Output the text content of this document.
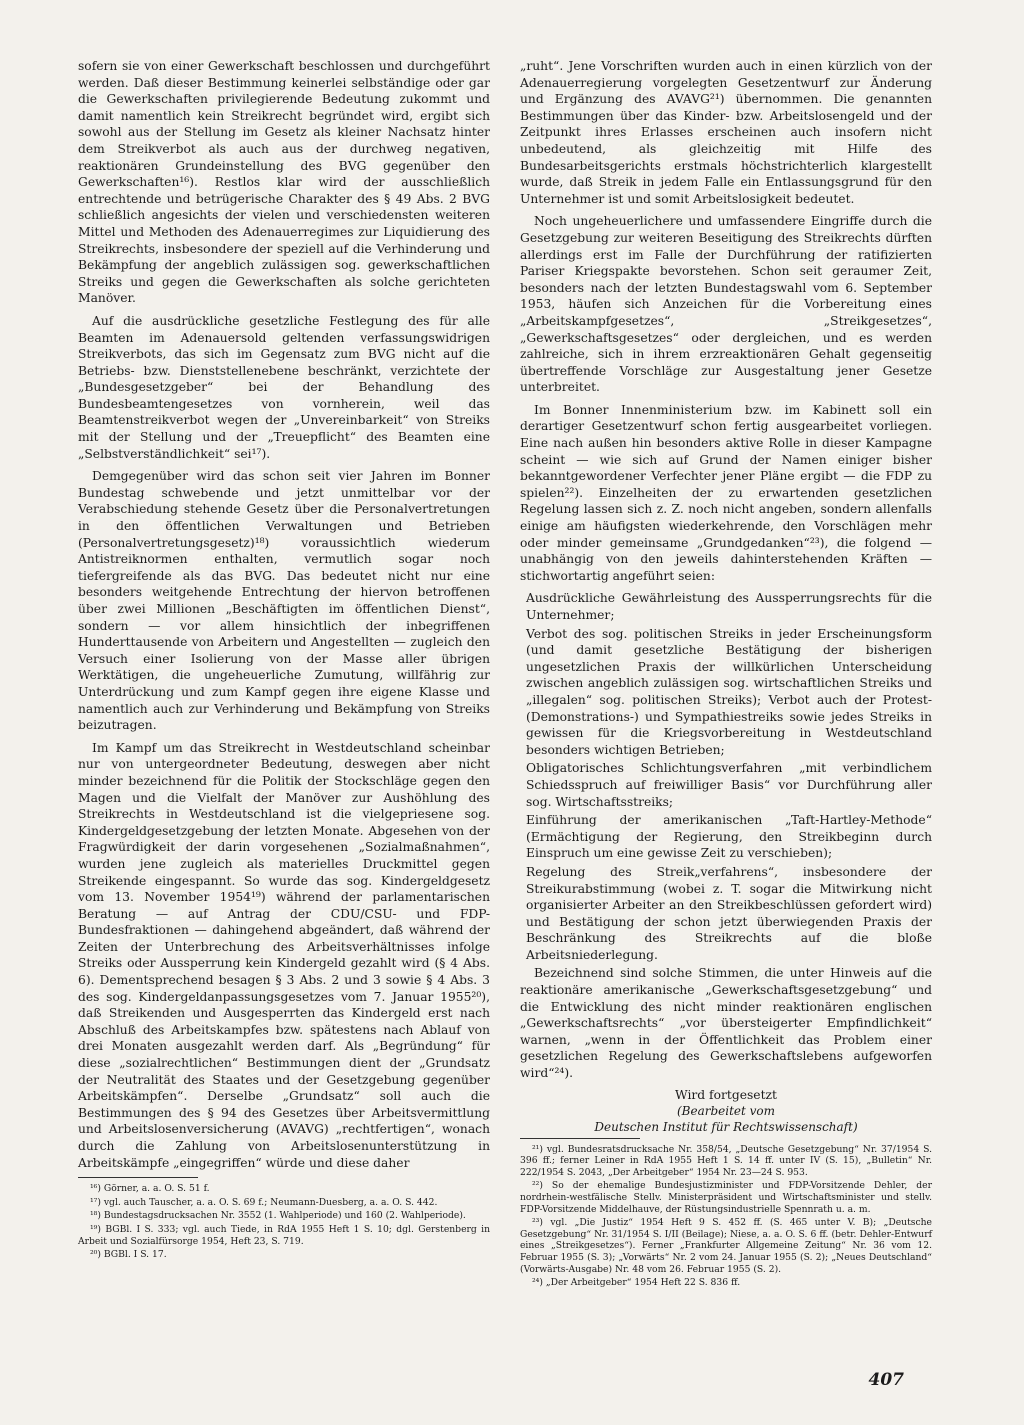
sofern sie von einer Gewerkschaft beschlossen und durchgeführt werden. Daß dieser Bestimmung keinerlei selbständige oder gar die Gewerkschaften privilegierende Bedeutung zukommt und damit namentlich kein Streikrecht begründet wird, ergibt sich sowohl aus der Stellung im Gesetz als kleiner Nachsatz hinter dem Streikverbot als auch aus der durchweg negativen, reaktionären Grundeinstellung des BVG gegenüber den Gewerkschaften¹⁶). Restlos klar wird der ausschließlich entrechtende und betrügerische Charakter des § 49 Abs. 2 BVG schließlich angesichts der vielen und verschiedensten weiteren Mittel und Methoden des Adenauerregimes zur Liquidierung des Streikrechts, insbesondere der speziell auf die Verhinderung und Bekämpfung der angeblich zulässigen sog. gewerkschaftlichen Streiks und gegen die Gewerkschaften als solche gerichteten Manöver.

Auf die ausdrückliche gesetzliche Festlegung des für alle Beamten im Adenauersold geltenden verfassungswidrigen Streikverbots, das sich im Gegensatz zum BVG nicht auf die Betriebs- bzw. Dienststellenebene beschränkt, verzichtete der „Bundesgesetzgeber“ bei der Behandlung des Bundesbeamtengesetzes von vornherein, weil das Beamtenstreikverbot wegen der „Unvereinbarkeit“ von Streiks mit der Stellung und der „Treuepflicht“ des Beamten eine „Selbstverständlichkeit“ sei¹⁷).

Demgegenüber wird das schon seit vier Jahren im Bonner Bundestag schwebende und jetzt unmittelbar vor der Verabschiedung stehende Gesetz über die Personalvertretungen in den öffentlichen Verwaltungen und Betrieben (Personalvertretungsgesetz)¹⁸) voraussichtlich wiederum Antistreiknormen enthalten, vermutlich sogar noch tiefergreifende als das BVG. Das bedeutet nicht nur eine besonders weitgehende Entrechtung der hiervon betroffenen über zwei Millionen „Beschäftigten im öffentlichen Dienst“, sondern — vor allem hinsichtlich der inbegriffenen Hunderttausende von Arbeitern und Angestellten — zugleich den Versuch einer Isolierung von der Masse aller übrigen Werktätigen, die ungeheuerliche Zumutung, willfährig zur Unterdrückung und zum Kampf gegen ihre eigene Klasse und namentlich auch zur Verhinderung und Bekämpfung von Streiks beizutragen.

Im Kampf um das Streikrecht in Westdeutschland scheinbar nur von untergeordneter Bedeutung, deswegen aber nicht minder bezeichnend für die Politik der Stockschläge gegen den Magen und die Vielfalt der Manöver zur Aushöhlung des Streikrechts in Westdeutschland ist die vielgepriesene sog. Kindergeldgesetzgebung der letzten Monate. Abgesehen von der Fragwürdigkeit der darin vorgesehenen „Sozialmaßnahmen“, wurden jene zugleich als materielles Druckmittel gegen Streikende eingespannt. So wurde das sog. Kindergeldgesetz vom 13. November 1954¹⁹) während der parlamentarischen Beratung — auf Antrag der CDU/CSU- und FDP-Bundesfraktionen — dahingehend abgeändert, daß während der Zeiten der Unterbrechung des Arbeitsverhältnisses infolge Streiks oder Aussperrung kein Kindergeld gezahlt wird (§ 4 Abs. 6). Dementsprechend besagen § 3 Abs. 2 und 3 sowie § 4 Abs. 3 des sog. Kindergeldanpassungsgesetzes vom 7. Januar 1955²⁰), daß Streikenden und Ausgesperrten das Kindergeld erst nach Abschluß des Arbeitskampfes bzw. spätestens nach Ablauf von drei Monaten ausgezahlt werden darf. Als „Begründung“ für diese „sozialrechtlichen“ Bestimmungen dient der „Grundsatz der Neutralität des Staates und der Gesetzgebung gegenüber Arbeitskämpfen“. Derselbe „Grundsatz“ soll auch die Bestimmungen des § 94 des Gesetzes über Arbeitsvermittlung und Arbeitslosenversicherung (AVAVG) „rechtfertigen“, wonach durch die Zahlung von Arbeitslosenunterstützung in Arbeitskämpfe „eingegriffen“ würde und diese daher

¹⁶) Görner, a. a. O. S. 51 f.

¹⁷) vgl. auch Tauscher, a. a. O. S. 69 f.; Neumann-Duesberg, a. a. O. S. 442.

¹⁸) Bundestagsdrucksachen Nr. 3552 (1. Wahlperiode) und 160 (2. Wahlperiode).

¹⁹) BGBl. I S. 333; vgl. auch Tiede, in RdA 1955 Heft 1 S. 10; dgl. Gerstenberg in Arbeit und Sozialfürsorge 1954, Heft 23, S. 719.

²⁰) BGBl. I S. 17.

„ruht“. Jene Vorschriften wurden auch in einen kürzlich von der Adenauerregierung vorgelegten Gesetzentwurf zur Änderung und Ergänzung des AVAVG²¹) übernommen. Die genannten Bestimmungen über das Kinder- bzw. Arbeitslosengeld und der Zeitpunkt ihres Erlasses erscheinen auch insofern nicht unbedeutend, als gleichzeitig mit Hilfe des Bundesarbeitsgerichts erstmals höchstrichterlich klargestellt wurde, daß Streik in jedem Falle ein Entlassungsgrund für den Unternehmer ist und somit Arbeitslosigkeit bedeutet.

Noch ungeheuerlichere und umfassendere Eingriffe durch die Gesetzgebung zur weiteren Beseitigung des Streikrechts dürften allerdings erst im Falle der Durchführung der ratifizierten Pariser Kriegspakte bevorstehen. Schon seit geraumer Zeit, besonders nach der letzten Bundestagswahl vom 6. September 1953, häufen sich Anzeichen für die Vorbereitung eines „Arbeitskampfgesetzes“, „Streikgesetzes“, „Gewerkschaftsgesetzes“ oder dergleichen, und es werden zahlreiche, sich in ihrem erzreaktionären Gehalt gegenseitig übertreffende Vorschläge zur Ausgestaltung jener Gesetze unterbreitet.

Im Bonner Innenministerium bzw. im Kabinett soll ein derartiger Gesetzentwurf schon fertig ausgearbeitet vorliegen. Eine nach außen hin besonders aktive Rolle in dieser Kampagne scheint — wie sich auf Grund der Namen einiger bisher bekanntgewordener Verfechter jener Pläne ergibt — die FDP zu spielen²²). Einzelheiten der zu erwartenden gesetzlichen Regelung lassen sich z. Z. noch nicht angeben, sondern allenfalls einige am häufigsten wiederkehrende, den Vorschlägen mehr oder minder gemeinsame „Grundgedanken“²³), die folgend — unabhängig von den jeweils dahinterstehenden Kräften — stichwortartig angeführt seien:

Ausdrückliche Gewährleistung des Aussperrungsrechts für die Unternehmer;

Verbot des sog. politischen Streiks in jeder Erscheinungsform (und damit gesetzliche Bestätigung der bisherigen ungesetzlichen Praxis der willkürlichen Unterscheidung zwischen angeblich zulässigen sog. wirtschaftlichen Streiks und „illegalen“ sog. politischen Streiks); Verbot auch der Protest-(Demonstrations-) und Sympathiestreiks sowie jedes Streiks in gewissen für die Kriegsvorbereitung in Westdeutschland besonders wichtigen Betrieben;

Obligatorisches Schlichtungsverfahren „mit verbindlichem Schiedsspruch auf freiwilliger Basis“ vor Durchführung aller sog. Wirtschaftsstreiks;

Einführung der amerikanischen „Taft-Hartley-Methode“ (Ermächtigung der Regierung, den Streikbeginn durch Einspruch um eine gewisse Zeit zu verschieben);

Regelung des Streik„verfahrens“, insbesondere der Streikurabstimmung (wobei z. T. sogar die Mitwirkung nicht organisierter Arbeiter an den Streikbeschlüssen gefordert wird) und Bestätigung der schon jetzt überwiegenden Praxis der Beschränkung des Streikrechts auf die bloße Arbeitsniederlegung.

Bezeichnend sind solche Stimmen, die unter Hinweis auf die reaktionäre amerikanische „Gewerkschaftsgesetzgebung“ und die Entwicklung des nicht minder reaktionären englischen „Gewerkschaftsrechts“ „vor übersteigerter Empfindlichkeit“ warnen, „wenn in der Öffentlichkeit das Problem einer gesetzlichen Regelung des Gewerkschaftslebens aufgeworfen wird“²⁴).

Wird fortgesetzt

(Bearbeitet vom

Deutschen Institut für Rechtswissenschaft)

²¹) vgl. Bundesratsdrucksache Nr. 358/54, „Deutsche Gesetzgebung“ Nr. 37/1954 S. 396 ff.; ferner Leiner in RdA 1955 Heft 1 S. 14 ff. unter IV (S. 15), „Bulletin“ Nr. 222/1954 S. 2043, „Der Arbeitgeber“ 1954 Nr. 23—24 S. 953.

²²) So der ehemalige Bundesjustizminister und FDP-Vorsitzende Dehler, der nordrhein-westfälische Stellv. Ministerpräsident und Wirtschaftsminister und stellv. FDP-Vorsitzende Middelhauve, der Rüstungsindustrielle Spennrath u. a. m.

²³) vgl. „Die Justiz“ 1954 Heft 9 S. 452 ff. (S. 465 unter V. B); „Deutsche Gesetzgebung“ Nr. 31/1954 S. I/II (Beilage); Niese, a. a. O. S. 6 ff. (betr. Dehler-Entwurf eines „Streikgesetzes“). Ferner „Frankfurter Allgemeine Zeitung“ Nr. 36 vom 12. Februar 1955 (S. 3); „Vorwärts“ Nr. 2 vom 24. Januar 1955 (S. 2); „Neues Deutschland“ (Vorwärts-Ausgabe) Nr. 48 vom 26. Februar 1955 (S. 2).

²⁴) „Der Arbeitgeber“ 1954 Heft 22 S. 836 ff.

407
